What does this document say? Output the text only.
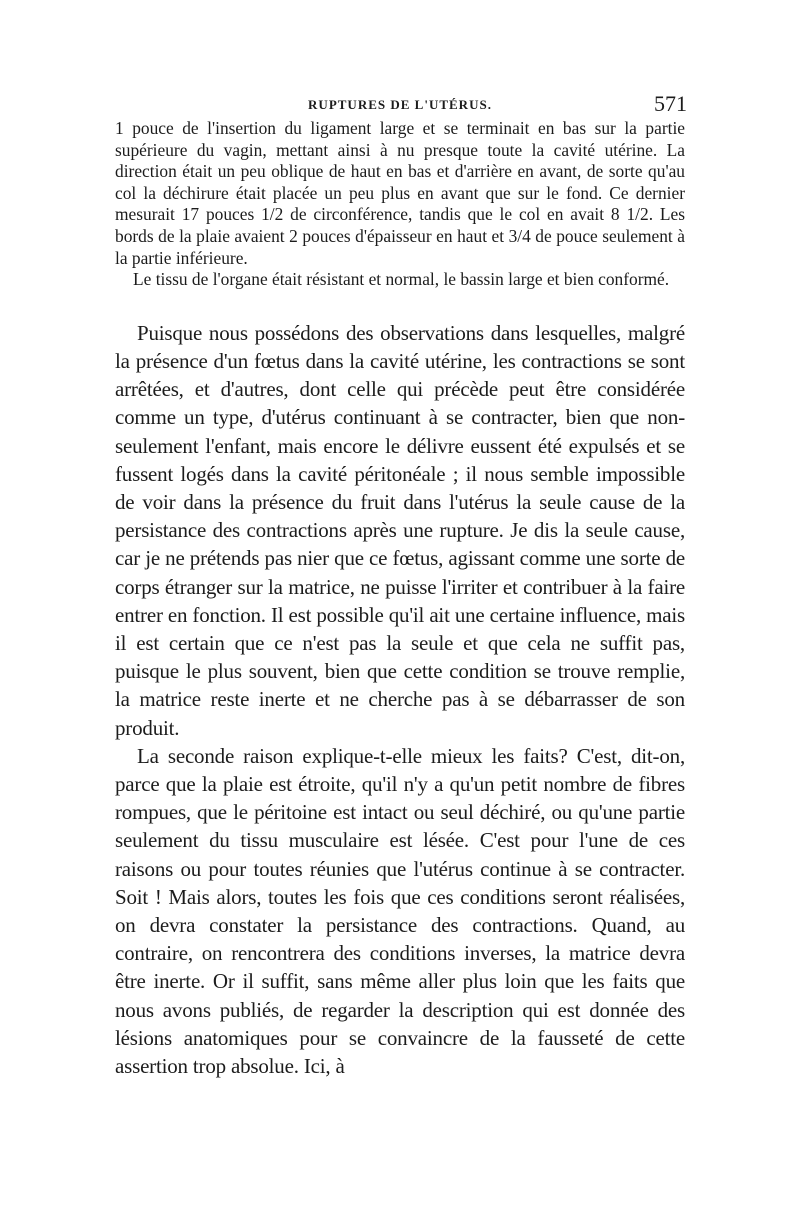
RUPTURES DE L'UTÉRUS.	571

1 pouce de l'insertion du ligament large et se terminait en bas sur la partie supérieure du vagin, mettant ainsi à nu presque toute la cavité utérine. La direction était un peu oblique de haut en bas et d'arrière en avant, de sorte qu'au col la déchirure était placée un peu plus en avant que sur le fond. Ce dernier mesurait 17 pouces 1/2 de circonférence, tandis que le col en avait 8 1/2. Les bords de la plaie avaient 2 pouces d'épaisseur en haut et 3/4 de pouce seulement à la partie inférieure.

Le tissu de l'organe était résistant et normal, le bassin large et bien conformé.

Puisque nous possédons des observations dans lesquelles, malgré la présence d'un fœtus dans la cavité utérine, les contractions se sont arrêtées, et d'autres, dont celle qui précède peut être considérée comme un type, d'utérus continuant à se contracter, bien que non-seulement l'enfant, mais encore le délivre eussent été expulsés et se fussent logés dans la cavité péritonéale ; il nous semble impossible de voir dans la présence du fruit dans l'utérus la seule cause de la persistance des contractions après une rupture. Je dis la seule cause, car je ne prétends pas nier que ce fœtus, agissant comme une sorte de corps étranger sur la matrice, ne puisse l'irriter et contribuer à la faire entrer en fonction. Il est possible qu'il ait une certaine influence, mais il est certain que ce n'est pas la seule et que cela ne suffit pas, puisque le plus souvent, bien que cette condition se trouve remplie, la matrice reste inerte et ne cherche pas à se débarrasser de son produit.

La seconde raison explique-t-elle mieux les faits? C'est, dit-on, parce que la plaie est étroite, qu'il n'y a qu'un petit nombre de fibres rompues, que le péritoine est intact ou seul déchiré, ou qu'une partie seulement du tissu musculaire est lésée. C'est pour l'une de ces raisons ou pour toutes réunies que l'utérus continue à se contracter. Soit ! Mais alors, toutes les fois que ces conditions seront réalisées, on devra constater la persistance des contractions. Quand, au contraire, on rencontrera des conditions inverses, la matrice devra être inerte. Or il suffit, sans même aller plus loin que les faits que nous avons publiés, de regarder la description qui est donnée des lésions anatomiques pour se convaincre de la fausseté de cette assertion trop absolue. Ici, à
